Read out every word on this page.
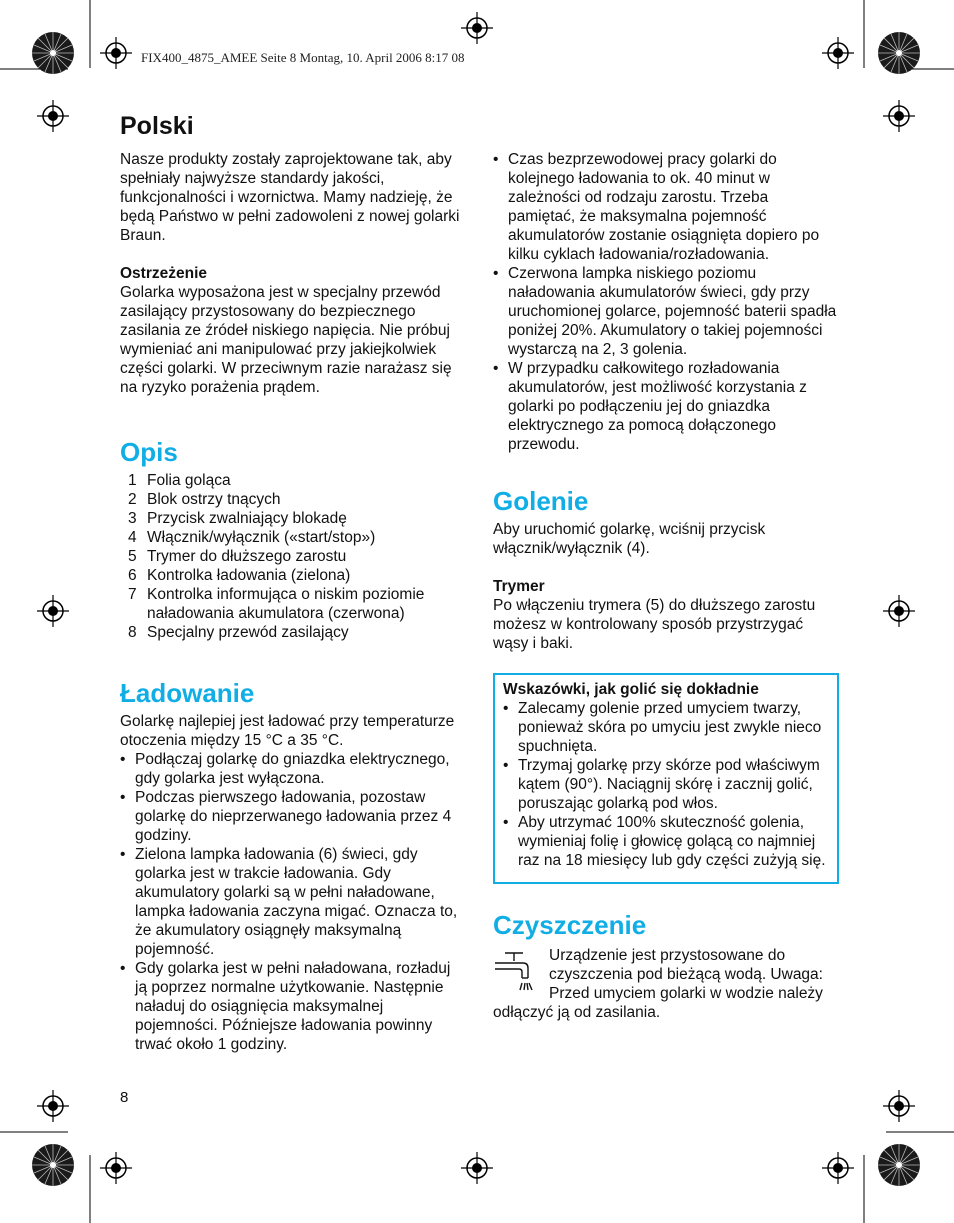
FIX400_4875_AMEE Seite 8 Montag, 10. April 2006 8:17 08
Polski

Nasze produkty zostały zaprojektowane tak, aby spełniały najwyższe standardy jakości, funkcjonalności i wzornictwa. Mamy nadzieję, że będą Państwo w pełni zadowoleni z nowej golarki Braun.

Ostrzeżenie

Golarka wyposażona jest w specjalny przewód zasilający przystosowany do bezpiecznego zasilania ze źródeł niskiego napięcia. Nie próbuj wymieniać ani manipulować przy jakiejkolwiek części golarki. W przeciwnym razie narażasz się na ryzyko porażenia prądem.

Opis
1 Folia goląca
2 Blok ostrzy tnących
3 Przycisk zwalniający blokadę
4 Włącznik/wyłącznik («start/stop»)
5 Trymer do dłuższego zarostu
6 Kontrolka ładowania (zielona)
7 Kontrolka informująca o niskim poziomie naładowania akumulatora (czerwona)
8 Specjalny przewód zasilający
Ładowanie

Golarkę najlepiej jest ładować przy temperaturze otoczenia między 15 °C a 35 °C.

• Podłączaj golarkę do gniazdka elektrycznego, gdy golarka jest wyłączona.
• Podczas pierwszego ładowania, pozostaw golarkę do nieprzerwanego ładowania przez 4 godziny.
• Zielona lampka ładowania (6) świeci, gdy golarka jest w trakcie ładowania. Gdy akumulatory golarki są w pełni naładowane, lampka ładowania zaczyna migać. Oznacza to, że akumulatory osiągnęły maksymalną pojemność.
• Gdy golarka jest w pełni naładowana, rozładuj ją poprzez normalne użytkowanie. Następnie naładuj do osiągnięcia maksymalnej pojemności. Późniejsze ładowania powinny trwać około 1 godziny.
• Czas bezprzewodowej pracy golarki do kolejnego ładowania to ok. 40 minut w zależności od rodzaju zarostu. Trzeba pamiętać, że maksymalna pojemność akumulatorów zostanie osiągnięta dopiero po kilku cyklach ładowania/rozładowania.
• Czerwona lampka niskiego poziomu naładowania akumulatorów świeci, gdy przy uruchomionej golarce, pojemność baterii spadła poniżej 20%. Akumulatory o takiej pojemności wystarczą na 2, 3 golenia.
• W przypadku całkowitego rozładowania akumulatorów, jest możliwość korzystania z golarki po podłączeniu jej do gniazdka elektrycznego za pomocą dołączonego przewodu.
Golenie

Aby uruchomić golarkę, wciśnij przycisk włącznik/wyłącznik (4).

Trymer

Po włączeniu trymera (5) do dłuższego zarostu możesz w kontrolowany sposób przystrzygać wąsy i baki.

Wskazówki, jak golić się dokładnie

• Zalecamy golenie przed umyciem twarzy, ponieważ skóra po umyciu jest zwykle nieco spuchnięta.
• Trzymaj golarkę przy skórze pod właściwym kątem (90°). Naciągnij skórę i zacznij golić, poruszając golarką pod włos.
• Aby utrzymać 100% skuteczność golenia, wymieniaj folię i głowicę golącą co najmniej raz na 18 miesięcy lub gdy części zużyją się.
Czyszczenie

Urządzenie jest przystosowane do czyszczenia pod bieżącą wodą. Uwaga: Przed umyciem golarki w wodzie należy odłączyć ją od zasilania.

8
